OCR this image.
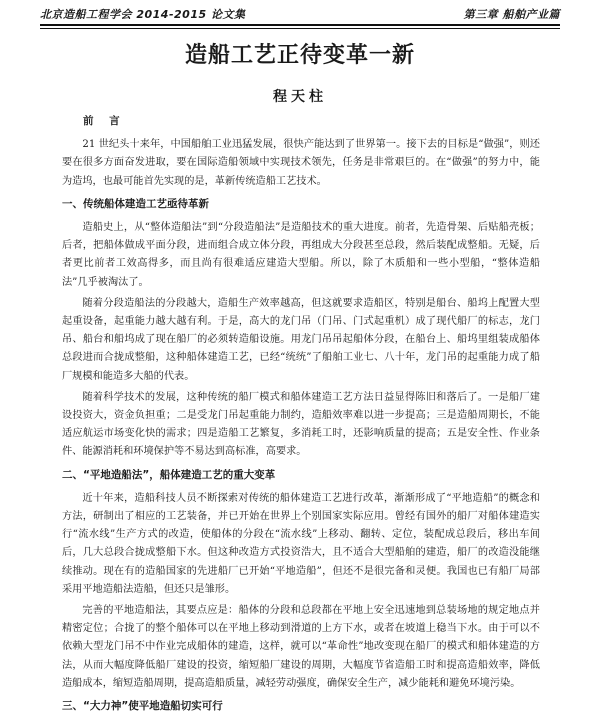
北京造船工程学会 2014-2015 论文集	第三章 船舶产业篇
造船工艺正待变革一新
程天柱
前 言

21 世纪头十来年，中国船舶工业迅猛发展，很快产能达到了世界第一。接下去的目标是“做强”，则还要在很多方面奋发进取，要在国际造船领域中实现技术领先，任务是非常艰巨的。在“做强”的努力中，能为造坞，也最可能首先实现的是，革新传统造船工艺技术。

一、传统船体建造工艺亟待革新

造船史上，从“整体造船法”到“分段造船法”是造船技术的重大进度。前者，先造骨架、后贴船壳板；后者，把船体做成平面分段，进而组合成立体分段，再组成大分段甚至总段，然后装配成整船。无疑，后者更比前者工效高得多，而且尚有很难适应建造大型船。所以，除了木质船和一些小型船，“整体造船法”几乎被淘汰了。

随着分段造船法的分段越大，造船生产效率越高，但这就要求造船区，特别是船台、船坞上配置大型起重设备，起重能力越大越有利。于是，高大的龙门吊（门吊、门式起重机）成了现代船厂的标志，龙门吊、船台和船坞成了现在船厂的必须转造船设施。用龙门吊吊起船体分段，在船台上、船坞里组装成船体总段进而合拢成整船，这种船体建造工艺，已经“统统”了船舶工业七、八十年，龙门吊的起重能力成了船厂规模和能造多大船的代表。

随着科学技术的发展，这种传统的船厂模式和船体建造工艺方法日益显得陈旧和落后了。一是船厂建设投资大，资金负担重；二是受龙门吊起重能力制约，造船效率难以进一步提高；三是造船周期长，不能适应航运市场变化快的需求；四是造船工艺繁复，多消耗工时，还影响质量的提高；五是安全性、作业条件、能源消耗和环境保护等不易达到高标准，高要求。

二、“平地造船法”，船体建造工艺的重大变革

近十年来，造船科技人员不断探索对传统的船体建造工艺进行改革，渐渐形成了“平地造船”的概念和方法，研制出了相应的工艺装备，并已开始在世界上个别国家实际应用。曾经有国外的船厂对船体建造实行“流水线”生产方式的改造，使船体的分段在“流水线”上移动、翻转、定位，装配成总段后，移出车间后，几大总段合拢成整船下水。但这种改造方式投资浩大，且不适合大型船舶的建造，船厂的改造没能继续推动。现在有的造船国家的先进船厂已开始“平地造船”，但还不是很完备和灵便。我国也已有船厂局部采用平地造船法造船，但还只是雏形。

完善的平地造船法，其要点应是：船体的分段和总段都在平地上安全迅速地到总装场地的规定地点并精密定位；合拢了的整个船体可以在平地上移动到滑道的上方下水，或者在坡道上稳当下水。由于可以不依赖大型龙门吊不中作业完成船体的建造，这样，就可以“革命性”地改变现在船厂的模式和船体建造的方法，从而大幅度降低船厂建设的投资，缩短船厂建设的周期，大幅度节省造船工时和提高造船效率，降低造船成本，缩短造船周期，提高造船质量，减轻劳动强度，确保安全生产，减少能耗和避免环境污染。

三、“大力神”使平地造船切实可行
